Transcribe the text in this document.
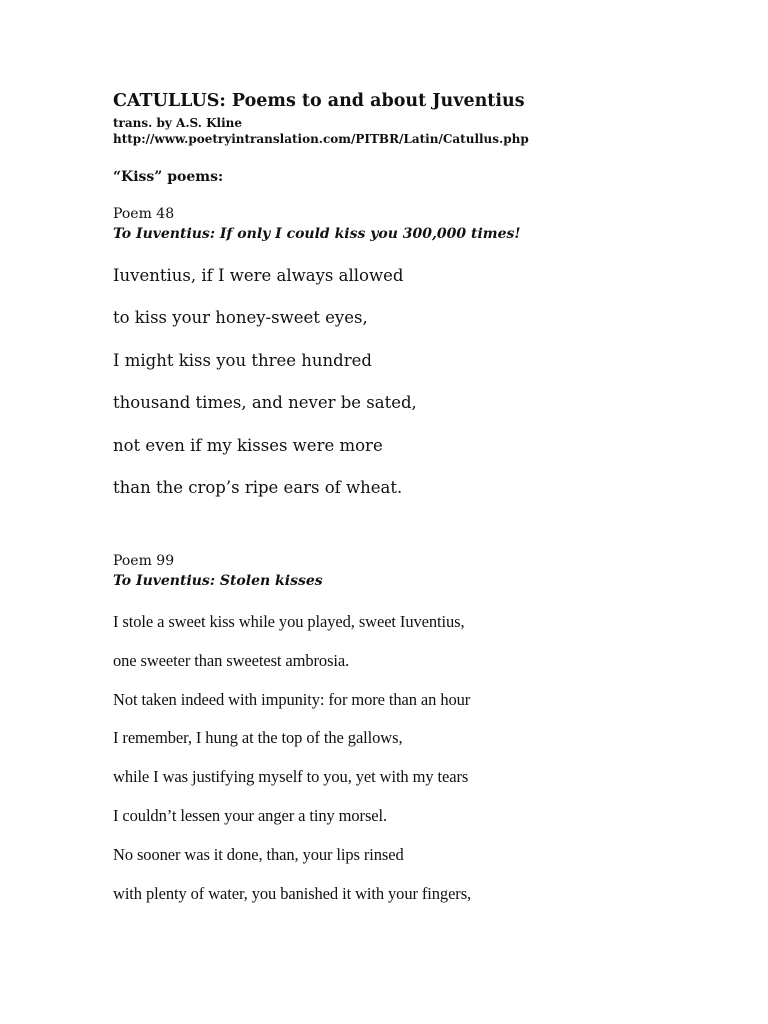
CATULLUS: Poems to and about Juventius
trans. by A.S. Kline
http://www.poetryintranslation.com/PITBR/Latin/Catullus.php
“Kiss” poems:
Poem 48
To Iuventius: If only I could kiss you 300,000 times!
Iuventius, if I were always allowed
to kiss your honey-sweet eyes,
I might kiss you three hundred
thousand times, and never be sated,
not even if my kisses were more
than the crop’s ripe ears of wheat.
Poem 99
To Iuventius: Stolen kisses
I stole a sweet kiss while you played, sweet Iuventius,
one sweeter than sweetest ambrosia.
Not taken indeed with impunity: for more than an hour
I remember, I hung at the top of the gallows,
while I was justifying myself to you, yet with my tears
I couldn’t lessen your anger a tiny morsel.
No sooner was it done, than, your lips rinsed
with plenty of water, you banished it with your fingers,
